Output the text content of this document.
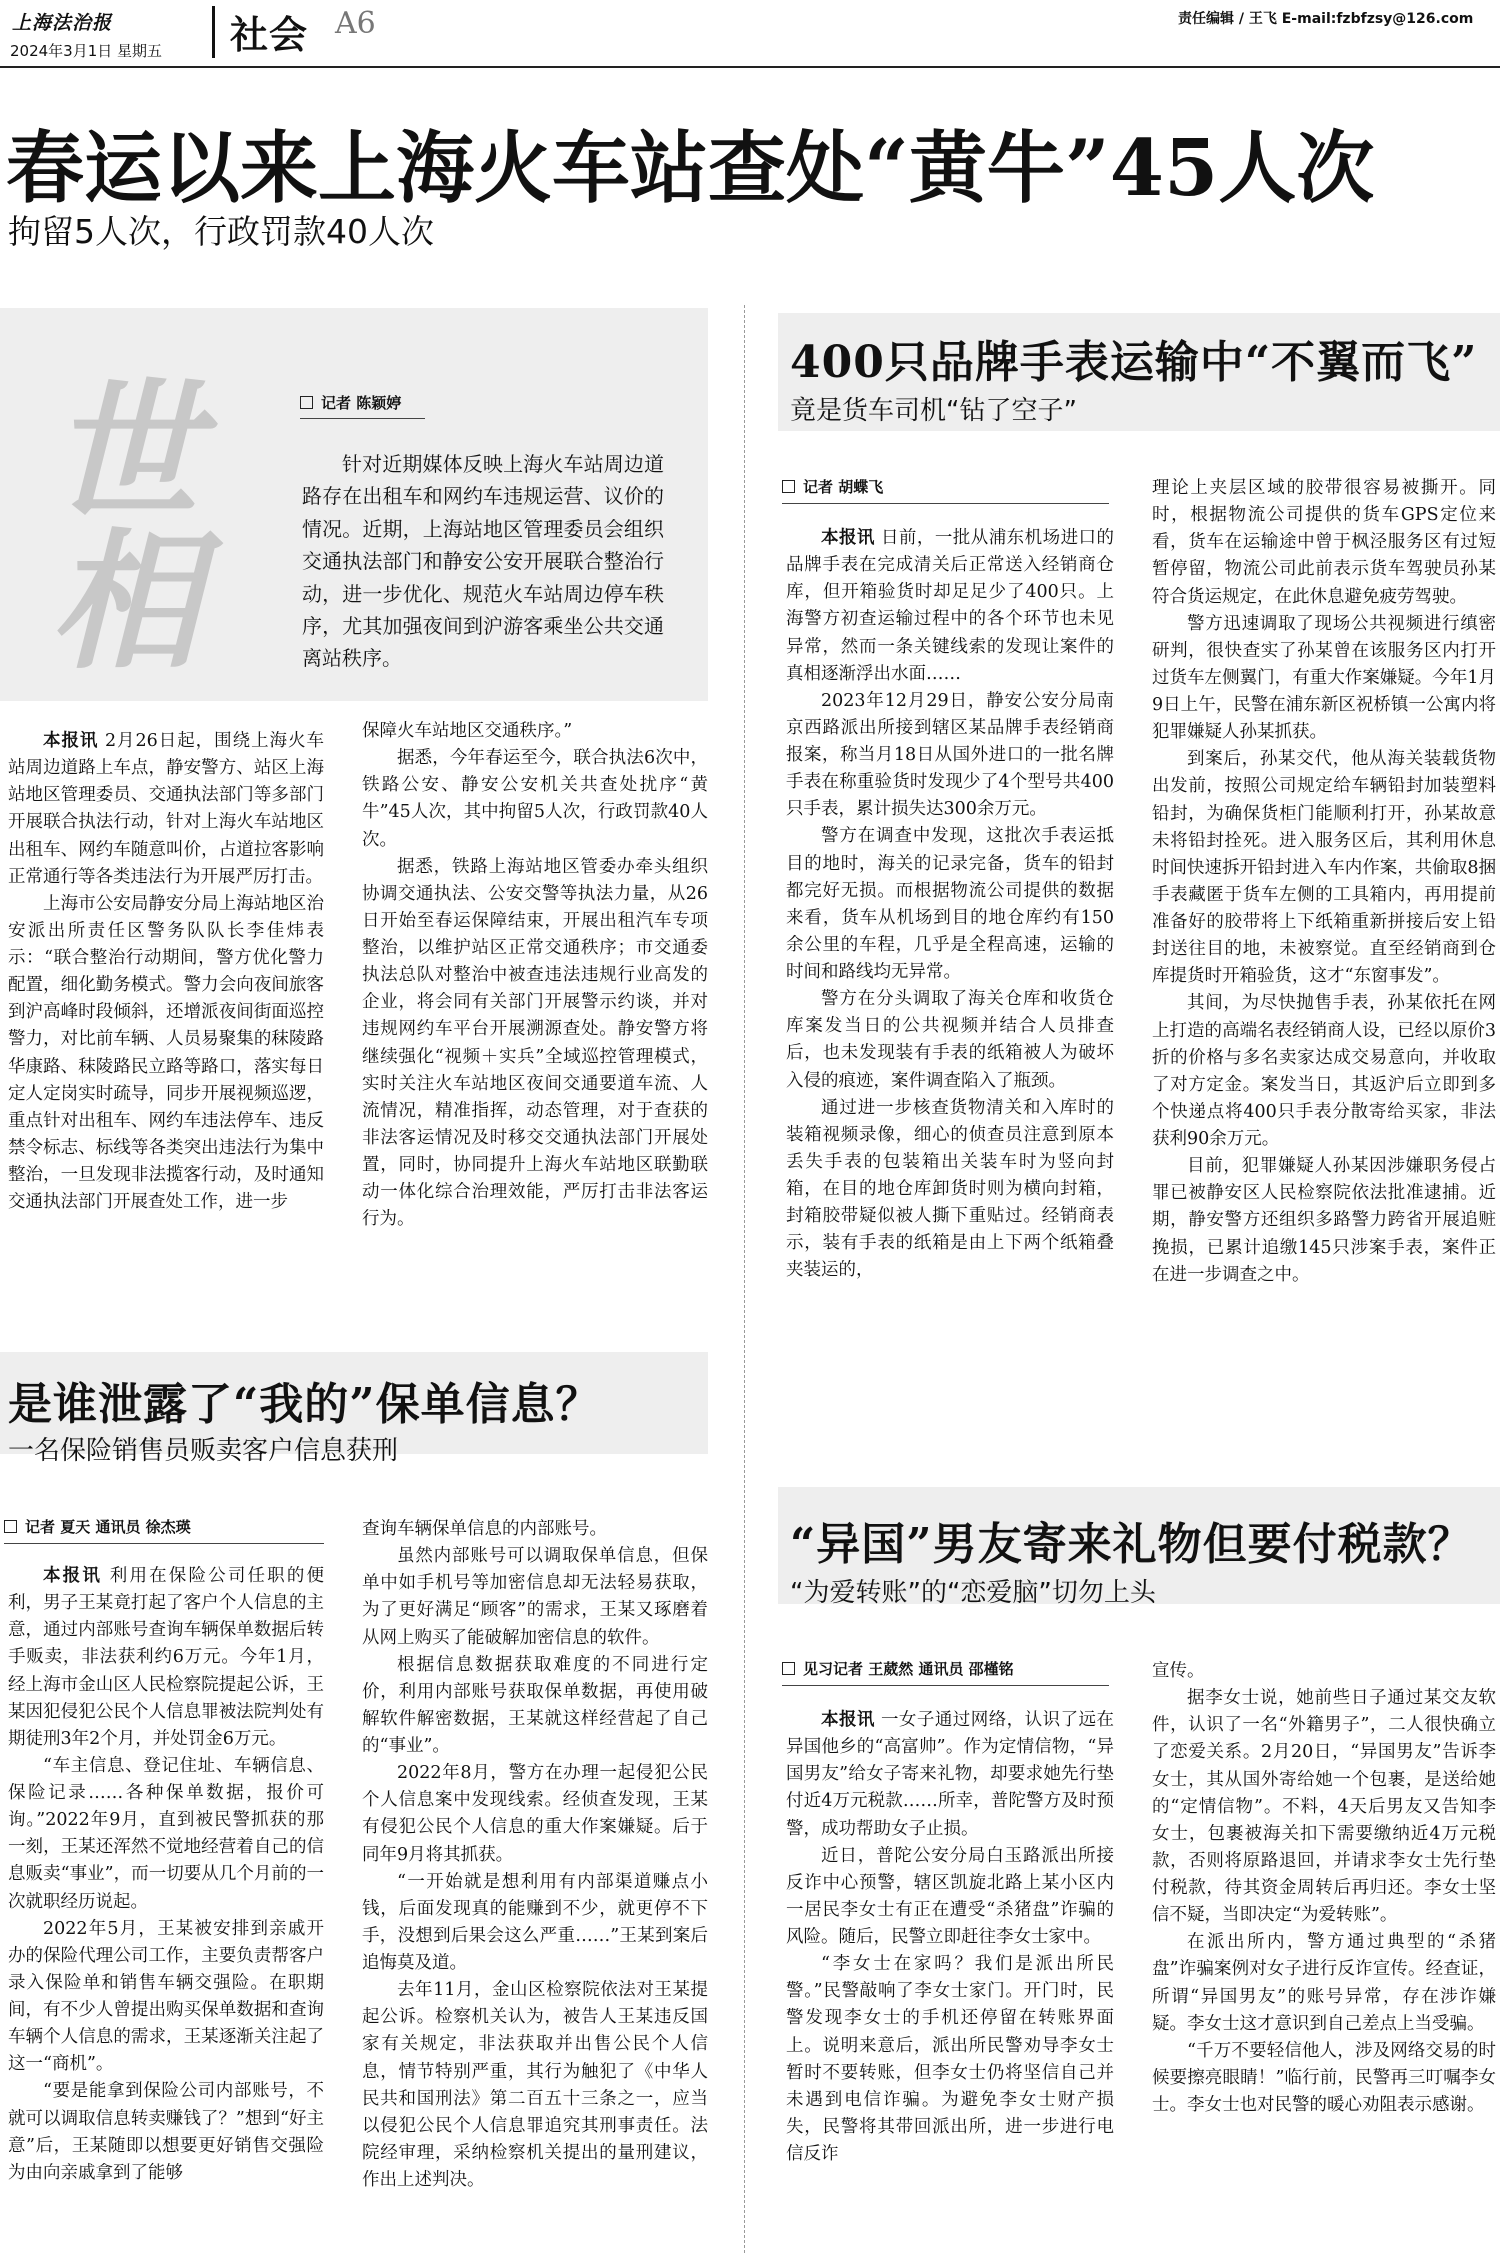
上海法治报
2024年3月1日 星期五 社会 A6	责任编辑 / 王飞 E-mail:fzbfzsy@126.com
春运以来上海火车站查处“黄牛”45人次
拘留5人次，行政罚款40人次
世相	记者 陈颖婷
针对近期媒体反映上海火车站周边道路存在出租车和网约车违规运营、议价的情况。近期，上海站地区管理委员会组织交通执法部门和静安公安开展联合整治行动，进一步优化、规范火车站周边停车秩序，尤其加强夜间到沪游客乘坐公共交通离站秩序。

本报讯 2月26日起，围绕上海火车站周边道路上车点，静安警方、站区上海站地区管理委员、交通执法部门等多部门开展联合执法行动，针对上海火车站地区出租车、网约车随意叫价，占道拉客影响正常通行等各类违法行为开展严厉打击。

上海市公安局静安分局上海站地区治安派出所责任区警务队队长李佳炜表示：“联合整治行动期间，警方优化警力配置，细化勤务模式。警力会向夜间旅客到沪高峰时段倾斜，还增派夜间街面巡控警力，对比前车辆、人员易聚集的秣陵路华康路、秣陵路民立路等路口，落实每日定人定岗实时疏导，同步开展视频巡逻，重点针对出租车、网约车违法停车、违反禁令标志、标线等各类突出违法行为集中整治，一旦发现非法揽客行动，及时通知交通执法部门开展查处工作，进一步

保障火车站地区交通秩序。”

据悉，今年春运至今，联合执法6次中，铁路公安、静安公安机关共查处扰序“黄牛”45人次，其中拘留5人次，行政罚款40人次。

据悉，铁路上海站地区管委办牵头组织协调交通执法、公安交警等执法力量，从26日开始至春运保障结束，开展出租汽车专项整治，以维护站区正常交通秩序；市交通委执法总队对整治中被查违法违规行业高发的企业，将会同有关部门开展警示约谈，并对违规网约车平台开展溯源查处。静安警方将继续强化“视频＋实兵”全域巡控管理模式，实时关注火车站地区夜间交通要道车流、人流情况，精准指挥，动态管理，对于查获的非法客运情况及时移交交通执法部门开展处置，同时，协同提升上海火车站地区联勤联动一体化综合治理效能，严厉打击非法客运行为。

是谁泄露了“我的”保单信息？
一名保险销售员贩卖客户信息获刑
记者 夏天 通讯员 徐杰瑛

本报讯 利用在保险公司任职的便利，男子王某竟打起了客户个人信息的主意，通过内部账号查询车辆保单数据后转手贩卖，非法获利约6万元。今年1月，经上海市金山区人民检察院提起公诉，王某因犯侵犯公民个人信息罪被法院判处有期徒刑3年2个月，并处罚金6万元。

“车主信息、登记住址、车辆信息、保险记录……各种保单数据，报价可询。”2022年9月，直到被民警抓获的那一刻，王某还浑然不觉地经营着自己的信息贩卖“事业”，而一切要从几个月前的一次就职经历说起。

2022年5月，王某被安排到亲戚开办的保险代理公司工作，主要负责帮客户录入保险单和销售车辆交强险。在职期间，有不少人曾提出购买保单数据和查询车辆个人信息的需求，王某逐渐关注起了这一“商机”。

“要是能拿到保险公司内部账号，不就可以调取信息转卖赚钱了？”想到“好主意”后，王某随即以想要更好销售交强险为由向亲戚拿到了能够

查询车辆保单信息的内部账号。

虽然内部账号可以调取保单信息，但保单中如手机号等加密信息却无法轻易获取，为了更好满足“顾客”的需求，王某又琢磨着从网上购买了能破解加密信息的软件。

根据信息数据获取难度的不同进行定价，利用内部账号获取保单数据，再使用破解软件解密数据，王某就这样经营起了自己的“事业”。

2022年8月，警方在办理一起侵犯公民个人信息案中发现线索。经侦查发现，王某有侵犯公民个人信息的重大作案嫌疑。后于同年9月将其抓获。

“一开始就是想利用有内部渠道赚点小钱，后面发现真的能赚到不少，就更停不下手，没想到后果会这么严重……”王某到案后追悔莫及道。

去年11月，金山区检察院依法对王某提起公诉。检察机关认为，被告人王某违反国家有关规定，非法获取并出售公民个人信息，情节特别严重，其行为触犯了《中华人民共和国刑法》第二百五十三条之一，应当以侵犯公民个人信息罪追究其刑事责任。法院经审理，采纳检察机关提出的量刑建议，作出上述判决。

400只品牌手表运输中“不翼而飞”
竟是货车司机“钻了空子”
记者 胡蝶飞

本报讯 日前，一批从浦东机场进口的品牌手表在完成清关后正常送入经销商仓库，但开箱验货时却足足少了400只。上海警方初查运输过程中的各个环节也未见异常，然而一条关键线索的发现让案件的真相逐渐浮出水面……

2023年12月29日，静安公安分局南京西路派出所接到辖区某品牌手表经销商报案，称当月18日从国外进口的一批名牌手表在称重验货时发现少了4个型号共400只手表，累计损失达300余万元。

警方在调查中发现，这批次手表运抵目的地时，海关的记录完备，货车的铅封都完好无损。而根据物流公司提供的数据来看，货车从机场到目的地仓库约有150余公里的车程，几乎是全程高速，运输的时间和路线均无异常。

警方在分头调取了海关仓库和收货仓库案发当日的公共视频并结合人员排查后，也未发现装有手表的纸箱被人为破坏入侵的痕迹，案件调查陷入了瓶颈。

通过进一步核查货物清关和入库时的装箱视频录像，细心的侦查员注意到原本丢失手表的包装箱出关装车时为竖向封箱，在目的地仓库卸货时则为横向封箱，封箱胶带疑似被人撕下重贴过。经销商表示，装有手表的纸箱是由上下两个纸箱叠夹装运的，

理论上夹层区域的胶带很容易被撕开。同时，根据物流公司提供的货车GPS定位来看，货车在运输途中曾于枫泾服务区有过短暂停留，物流公司此前表示货车驾驶员孙某符合货运规定，在此休息避免疲劳驾驶。

警方迅速调取了现场公共视频进行缜密研判，很快查实了孙某曾在该服务区内打开过货车左侧翼门，有重大作案嫌疑。今年1月9日上午，民警在浦东新区祝桥镇一公寓内将犯罪嫌疑人孙某抓获。

到案后，孙某交代，他从海关装载货物出发前，按照公司规定给车辆铅封加装塑料铅封，为确保货柜门能顺利打开，孙某故意未将铅封拴死。进入服务区后，其利用休息时间快速拆开铅封进入车内作案，共偷取8捆手表藏匿于货车左侧的工具箱内，再用提前准备好的胶带将上下纸箱重新拼接后安上铅封送往目的地，未被察觉。直至经销商到仓库提货时开箱验货，这才“东窗事发”。

其间，为尽快抛售手表，孙某依托在网上打造的高端名表经销商人设，已经以原价3折的价格与多名卖家达成交易意向，并收取了对方定金。案发当日，其返沪后立即到多个快递点将400只手表分散寄给买家，非法获利90余万元。

目前，犯罪嫌疑人孙某因涉嫌职务侵占罪已被静安区人民检察院依法批准逮捕。近期，静安警方还组织多路警力跨省开展追赃挽损，已累计追缴145只涉案手表，案件正在进一步调查之中。

“异国”男友寄来礼物但要付税款？
“为爱转账”的“恋爱脑”切勿上头
见习记者 王葳然 通讯员 邵槿铭

本报讯 一女子通过网络，认识了远在异国他乡的“高富帅”。作为定情信物，“异国男友”给女子寄来礼物，却要求她先行垫付近4万元税款……所幸，普陀警方及时预警，成功帮助女子止损。

近日，普陀公安分局白玉路派出所接反诈中心预警，辖区凯旋北路上某小区内一居民李女士有正在遭受“杀猪盘”诈骗的风险。随后，民警立即赶往李女士家中。

“李女士在家吗？我们是派出所民警。”民警敲响了李女士家门。开门时，民警发现李女士的手机还停留在转账界面上。说明来意后，派出所民警劝导李女士暂时不要转账，但李女士仍将坚信自己并未遇到电信诈骗。为避免李女士财产损失，民警将其带回派出所，进一步进行电信反诈

宣传。

据李女士说，她前些日子通过某交友软件，认识了一名“外籍男子”，二人很快确立了恋爱关系。2月20日，“异国男友”告诉李女士，其从国外寄给她一个包裹，是送给她的“定情信物”。不料，4天后男友又告知李女士，包裹被海关扣下需要缴纳近4万元税款，否则将原路退回，并请求李女士先行垫付税款，待其资金周转后再归还。李女士坚信不疑，当即决定“为爱转账”。

在派出所内，警方通过典型的“杀猪盘”诈骗案例对女子进行反诈宣传。经查证，所谓“异国男友”的账号异常，存在涉诈嫌疑。李女士这才意识到自己差点上当受骗。

“千万不要轻信他人，涉及网络交易的时候要擦亮眼睛！”临行前，民警再三叮嘱李女士。李女士也对民警的暖心劝阻表示感谢。
